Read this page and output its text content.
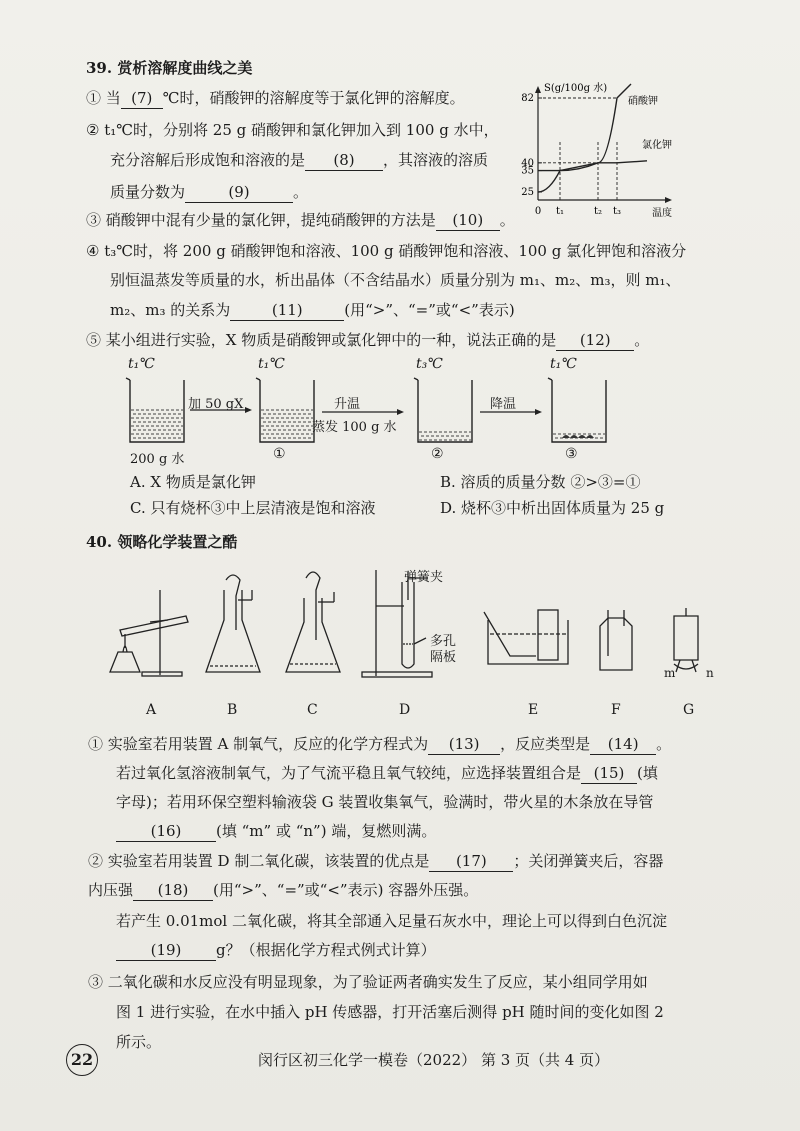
39. 赏析溶解度曲线之美
① 当 (7) ℃时，硝酸钾的溶解度等于氯化钾的溶解度。
② t₁℃时，分别将 25 g 硝酸钾和氯化钾加入到 100 g 水中，
充分溶解后形成饱和溶液的是 (8) ，其溶液的溶质
质量分数为	(9)	。	25
35
40
82
0 t₁	t₂ t₃
硝酸钾
氯化钾
S(g/100g 水)
温度
③ 硝酸钾中混有少量的氯化钾，提纯硝酸钾的方法是 (10) 。
④ t₃℃时，将 200 g 硝酸钾饱和溶液、100 g 硝酸钾饱和溶液、100 g 氯化钾饱和溶液分
别恒温蒸发等质量的水，析出晶体（不含结晶水）质量分别为 m₁、m₂、m₃，则 m₁、
m₂、m₃ 的关系为	(11)	(用“>”、“=”或“<”表示)
⑤ 某小组进行实验，X 物质是硝酸钾或氯化钾中的一种，说法正确的是 (12) 。
t₁℃	t₁℃	t₃℃	t₁℃
加 50 gX	升温
蒸发 100 g 水
降温
200 g 水	①	②	③
A. X 物质是氯化钾	B. 溶质的质量分数 ②>③=①
C. 只有烧杯③中上层清液是饱和溶液	D. 烧杯③中析出固体质量为 25 g
40. 领略化学装置之酷
弹簧夹
多孔
隔板
m	n
A	B	C	D	E	F	G
① 实验室若用装置 A 制氧气，反应的化学方程式为 (13) ，反应类型是 (14) 。
若过氧化氢溶液制氧气，为了气流平稳且氧气较纯，应选择装置组合是 (15) (填
字母)；若用环保空塑料输液袋 G 装置收集氧气，验满时，带火星的木条放在导管
(16) (填 “m” 或 “n”) 端，复燃则满。
② 实验室若用装置 D 制二氧化碳，该装置的优点是 (17) ；关闭弹簧夹后，容器
内压强 (18) (用“>”、“=”或“<”表示) 容器外压强。
若产生 0.01mol 二氧化碳，将其全部通入足量石灰水中，理论上可以得到白色沉淀
(19) g？（根据化学方程式例式计算）
③ 二氧化碳和水反应没有明显现象，为了验证两者确实发生了反应，某小组同学用如
图 1 进行实验，在水中插入 pH 传感器，打开活塞后测得 pH 随时间的变化如图 2
所示。
22	闵行区初三化学一模卷（2022） 第 3 页（共 4 页）
